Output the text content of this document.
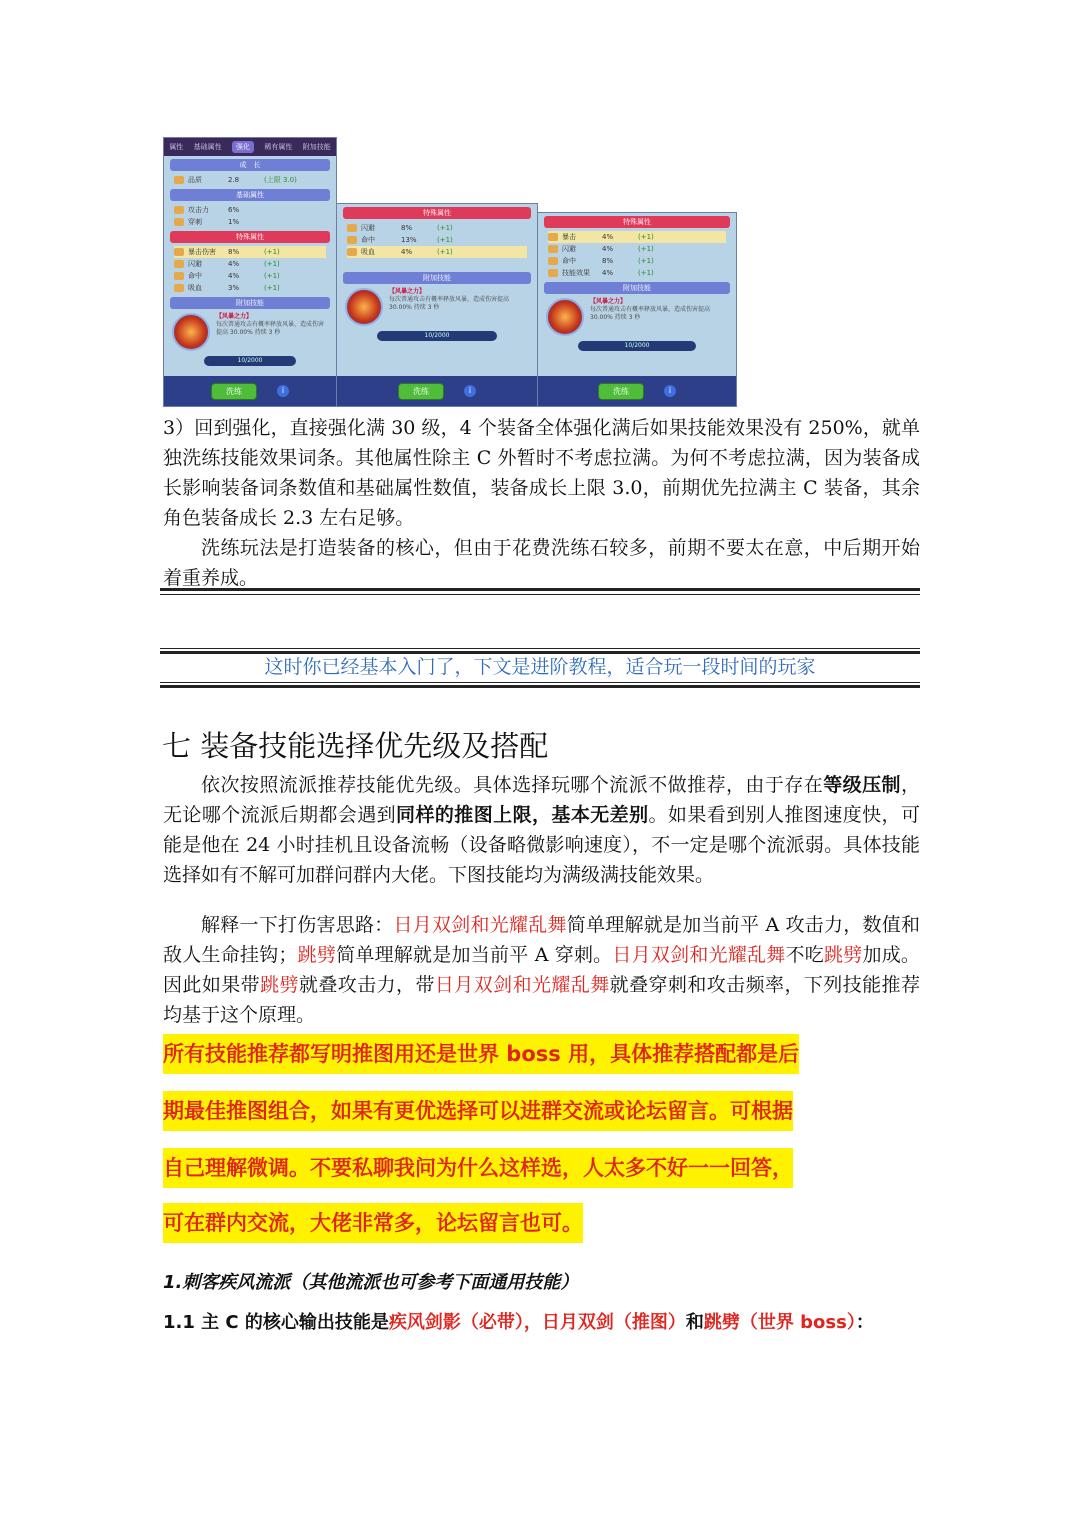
属性 基础属性	强化	稀有属性 附加技能
成　长
品质	2.8	(上限 3.0)
基础属性
攻击力	6%
穿刺	1%
特殊属性
暴击伤害	8%	(+1)
闪避	4%	(+1)
命中	4%	(+1)
吸血	3%	(+1)
附加技能
【风暴之力】
每次普通攻击有概率释放风暴，造成伤害提高 30.00% 持续 3 秒
10/2000
洗练	i
特殊属性
闪避	8%	(+1)
命中	13%	(+1)
吸血	4%	(+1)
附加技能
【风暴之力】
每次普通攻击有概率释放风暴，造成伤害提高 30.00% 持续 3 秒
10/2000
洗练	i
特殊属性
暴击	4%	(+1)
闪避	4%	(+1)
命中	8%	(+1)
技能效果	4%	(+1)
附加技能
【风暴之力】
每次普通攻击有概率释放风暴，造成伤害提高 30.00% 持续 3 秒
10/2000
洗练	i

3）回到强化，直接强化满 30 级，4 个装备全体强化满后如果技能效果没有 250%，就单独洗练技能效果词条。其他属性除主 C 外暂时不考虑拉满。为何不考虑拉满，因为装备成长影响装备词条数值和基础属性数值，装备成长上限 3.0，前期优先拉满主 C 装备，其余角色装备成长 2.3 左右足够。

洗练玩法是打造装备的核心，但由于花费洗练石较多，前期不要太在意，中后期开始着重养成。

这时你已经基本入门了，下文是进阶教程，适合玩一段时间的玩家
七 装备技能选择优先级及搭配

依次按照流派推荐技能优先级。具体选择玩哪个流派不做推荐，由于存在等级压制，无论哪个流派后期都会遇到同样的推图上限，基本无差别。如果看到别人推图速度快，可能是他在 24 小时挂机且设备流畅（设备略微影响速度），不一定是哪个流派弱。具体技能选择如有不解可加群问群内大佬。下图技能均为满级满技能效果。

解释一下打伤害思路：日月双剑和光耀乱舞简单理解就是加当前平 A 攻击力，数值和敌人生命挂钩；跳劈简单理解就是加当前平 A 穿刺。日月双剑和光耀乱舞不吃跳劈加成。因此如果带跳劈就叠攻击力，带日月双剑和光耀乱舞就叠穿刺和攻击频率，下列技能推荐均基于这个原理。

所有技能推荐都写明推图用还是世界 boss 用，具体推荐搭配都是后
期最佳推图组合，如果有更优选择可以进群交流或论坛留言。可根据
自己理解微调。不要私聊我问为什么这样选，人太多不好一一回答，
可在群内交流，大佬非常多，论坛留言也可。
1.刺客疾风流派（其他流派也可参考下面通用技能）
1.1 主 C 的核心输出技能是疾风剑影（必带），日月双剑（推图）和跳劈（世界 boss）：
